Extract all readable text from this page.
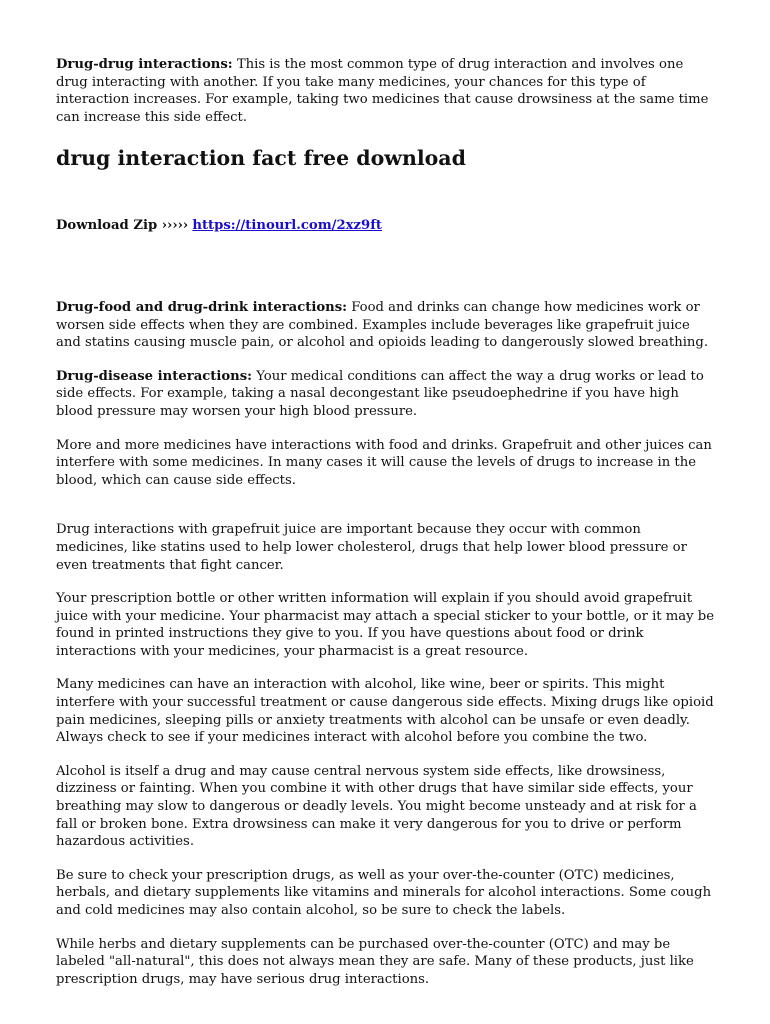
Drug-drug interactions: This is the most common type of drug interaction and involves one drug interacting with another. If you take many medicines, your chances for this type of interaction increases. For example, taking two medicines that cause drowsiness at the same time can increase this side effect.

drug interaction fact free download

Download Zip ››››› https://tinourl.com/2xz9ft

Drug-food and drug-drink interactions: Food and drinks can change how medicines work or worsen side effects when they are combined. Examples include beverages like grapefruit juice and statins causing muscle pain, or alcohol and opioids leading to dangerously slowed breathing.

Drug-disease interactions: Your medical conditions can affect the way a drug works or lead to side effects. For example, taking a nasal decongestant like pseudoephedrine if you have high blood pressure may worsen your high blood pressure.

More and more medicines have interactions with food and drinks. Grapefruit and other juices can interfere with some medicines. In many cases it will cause the levels of drugs to increase in the blood, which can cause side effects.

Drug interactions with grapefruit juice are important because they occur with common medicines, like statins used to help lower cholesterol, drugs that help lower blood pressure or even treatments that fight cancer.

Your prescription bottle or other written information will explain if you should avoid grapefruit juice with your medicine. Your pharmacist may attach a special sticker to your bottle, or it may be found in printed instructions they give to you. If you have questions about food or drink interactions with your medicines, your pharmacist is a great resource.

Many medicines can have an interaction with alcohol, like wine, beer or spirits. This might interfere with your successful treatment or cause dangerous side effects. Mixing drugs like opioid pain medicines, sleeping pills or anxiety treatments with alcohol can be unsafe or even deadly. Always check to see if your medicines interact with alcohol before you combine the two.

Alcohol is itself a drug and may cause central nervous system side effects, like drowsiness, dizziness or fainting. When you combine it with other drugs that have similar side effects, your breathing may slow to dangerous or deadly levels. You might become unsteady and at risk for a fall or broken bone. Extra drowsiness can make it very dangerous for you to drive or perform hazardous activities.

Be sure to check your prescription drugs, as well as your over-the-counter (OTC) medicines, herbals, and dietary supplements like vitamins and minerals for alcohol interactions. Some cough and cold medicines may also contain alcohol, so be sure to check the labels.

While herbs and dietary supplements can be purchased over-the-counter (OTC) and may be labeled "all-natural", this does not always mean they are safe. Many of these products, just like prescription drugs, may have serious drug interactions.
